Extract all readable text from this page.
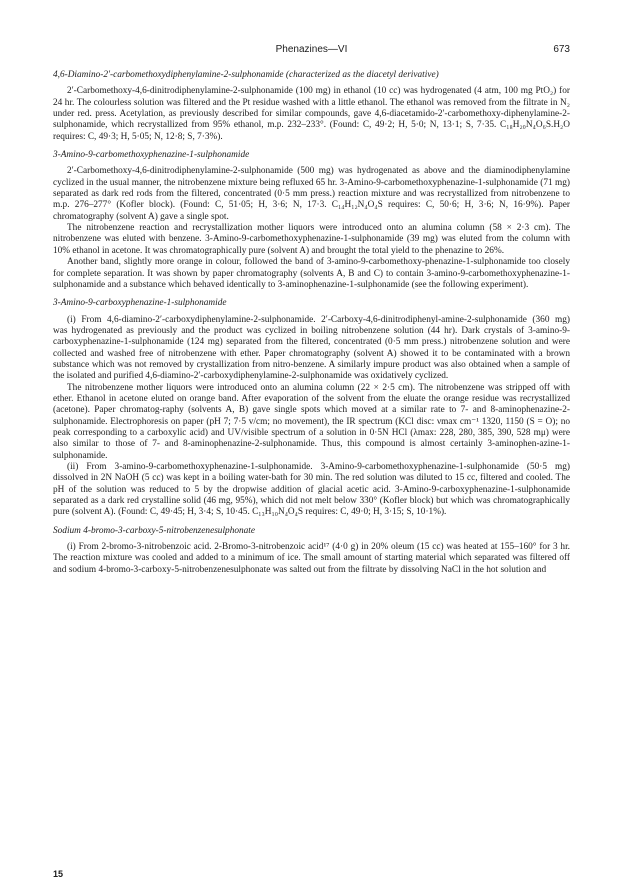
Phenazines—VI	673

4,6-Diamino-2′-carbomethoxydiphenylamine-2-sulphonamide (characterized as the diacetyl derivative)

2′-Carbomethoxy-4,6-dinitrodiphenylamine-2-sulphonamide (100 mg) in ethanol (10 cc) was hydrogenated (4 atm, 100 mg PtO₂) for 24 hr. The colourless solution was filtered and the Pt residue washed with a little ethanol. The ethanol was removed from the filtrate in N₂ under red. press. Acetylation, as previously described for similar compounds, gave 4,6-diacetamido-2′-carbomethoxy-diphenylamine-2-sulphonamide, which recrystallized from 95% ethanol, m.p. 232–233°. (Found: C, 49·2; H, 5·0; N, 13·1; S, 7·35. C₁₈H₂₀N₄O₆S.H₂O requires: C, 49·3; H, 5·05; N, 12·8; S, 7·3%).

3-Amino-9-carbomethoxyphenazine-1-sulphonamide

2′-Carbomethoxy-4,6-dinitrodiphenylamine-2-sulphonamide (500 mg) was hydrogenated as above and the diaminodiphenylamine cyclized in the usual manner, the nitrobenzene mixture being refluxed 65 hr. 3-Amino-9-carbomethoxyphenazine-1-sulphonamide (71 mg) separated as dark red rods from the filtered, concentrated (0·5 mm press.) reaction mixture and was recrystallized from nitrobenzene to m.p. 276–277° (Kofler block). (Found: C, 51·05; H, 3·6; N, 17·3. C₁₄H₁₂N₄O₄S requires: C, 50·6; H, 3·6; N, 16·9%). Paper chromatography (solvent A) gave a single spot.

The nitrobenzene reaction and recrystallization mother liquors were introduced onto an alumina column (58 × 2·3 cm). The nitrobenzene was eluted with benzene. 3-Amino-9-carbomethoxyphenazine-1-sulphonamide (39 mg) was eluted from the column with 10% ethanol in acetone. It was chromatographically pure (solvent A) and brought the total yield to the phenazine to 26%.

Another band, slightly more orange in colour, followed the band of 3-amino-9-carbomethoxy-phenazine-1-sulphonamide too closely for complete separation. It was shown by paper chromatography (solvents A, B and C) to contain 3-amino-9-carbomethoxyphenazine-1-sulphonamide and a substance which behaved identically to 3-aminophenazine-1-sulphonamide (see the following experiment).

3-Amino-9-carboxyphenazine-1-sulphonamide

(i) From 4,6-diamino-2′-carboxydiphenylamine-2-sulphonamide. 2′-Carboxy-4,6-dinitrodiphenyl-amine-2-sulphonamide (360 mg) was hydrogenated as previously and the product was cyclized in boiling nitrobenzene solution (44 hr). Dark crystals of 3-amino-9-carboxyphenazine-1-sulphonamide (124 mg) separated from the filtered, concentrated (0·5 mm press.) nitrobenzene solution and were collected and washed free of nitrobenzene with ether. Paper chromatography (solvent A) showed it to be contaminated with a brown substance which was not removed by crystallization from nitro-benzene. A similarly impure product was also obtained when a sample of the isolated and purified 4,6-diamino-2′-carboxydiphenylamine-2-sulphonamide was oxidatively cyclized.

The nitrobenzene mother liquors were introduced onto an alumina column (22 × 2·5 cm). The nitrobenzene was stripped off with ether. Ethanol in acetone eluted on orange band. After evaporation of the solvent from the eluate the orange residue was recrystallized (acetone). Paper chromatog-raphy (solvents A, B) gave single spots which moved at a similar rate to 7- and 8-aminophenazine-2-sulphonamide. Electrophoresis on paper (pH 7; 7·5 v/cm; no movement), the IR spectrum (KCl disc: νmax cm⁻¹ 1320, 1150 (S = O); no peak corresponding to a carboxylic acid) and UV/visible spectrum of a solution in 0·5N HCl (λmax: 228, 280, 385, 390, 528 mμ) were also similar to those of 7- and 8-aminophenazine-2-sulphonamide. Thus, this compound is almost certainly 3-aminophen-azine-1-sulphonamide.

(ii) From 3-amino-9-carbomethoxyphenazine-1-sulphonamide. 3-Amino-9-carbomethoxyphenazine-1-sulphonamide (50·5 mg) dissolved in 2N NaOH (5 cc) was kept in a boiling water-bath for 30 min. The red solution was diluted to 15 cc, filtered and cooled. The pH of the solution was reduced to 5 by the dropwise addition of glacial acetic acid. 3-Amino-9-carboxyphenazine-1-sulphonamide separated as a dark red crystalline solid (46 mg, 95%), which did not melt below 330° (Kofler block) but which was chromatographically pure (solvent A). (Found: C, 49·45; H, 3·4; S, 10·45. C₁₃H₁₀N₄O₄S requires: C, 49·0; H, 3·15; S, 10·1%).

Sodium 4-bromo-3-carboxy-5-nitrobenzenesulphonate

(i) From 2-bromo-3-nitrobenzoic acid. 2-Bromo-3-nitrobenzoic acid¹⁷ (4·0 g) in 20% oleum (15 cc) was heated at 155–160° for 3 hr. The reaction mixture was cooled and added to a minimum of ice. The small amount of starting material which separated was filtered off and sodium 4-bromo-3-carboxy-5-nitrobenzenesulphonate was salted out from the filtrate by dissolving NaCl in the hot solution and

15
